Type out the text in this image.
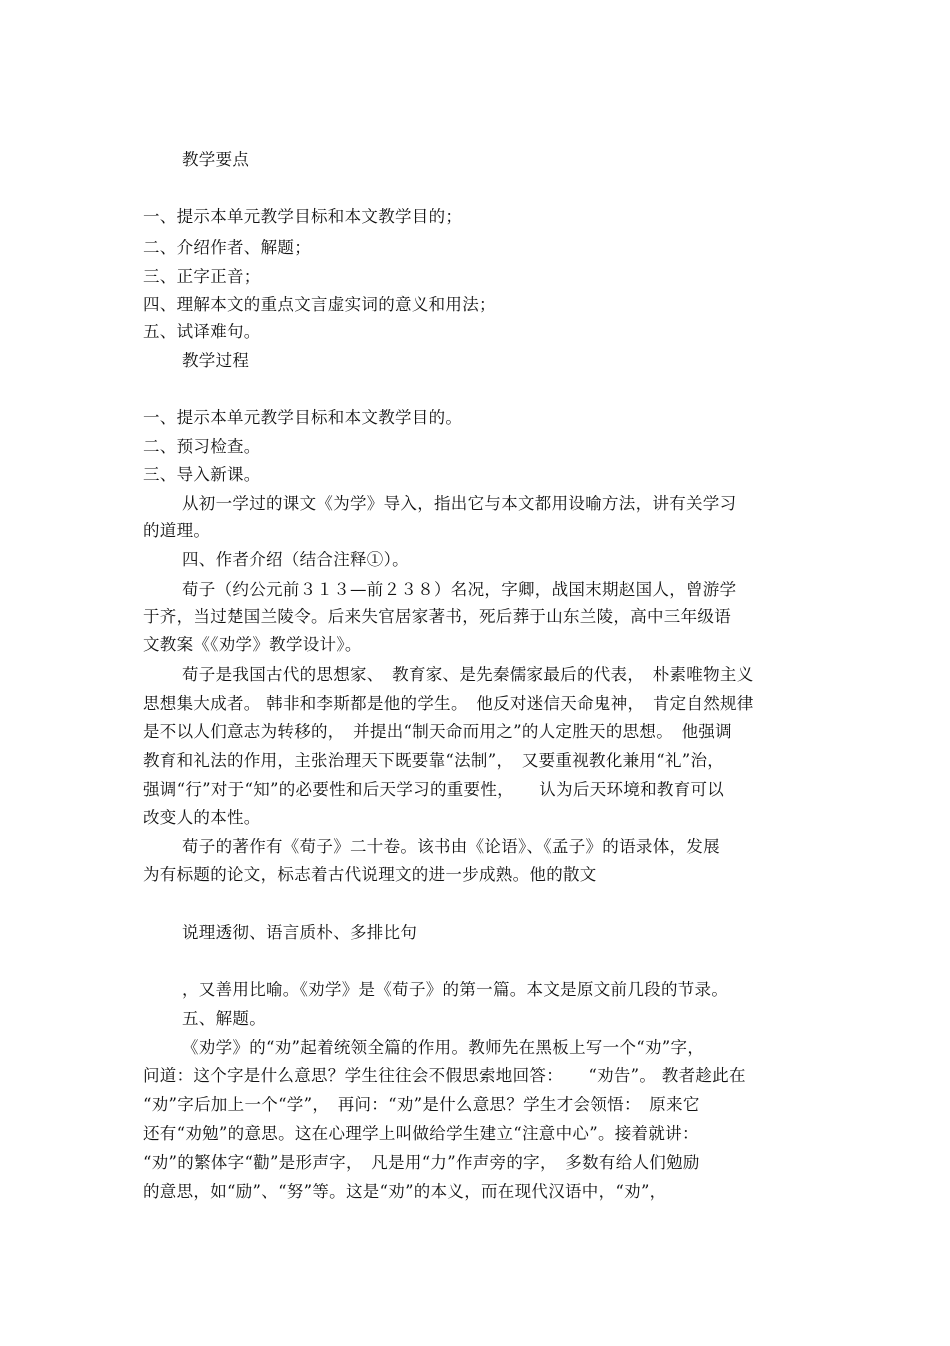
教学要点
一、提示本单元教学目标和本文教学目的；
二、介绍作者、解题；
三、正字正音；
四、理解本文的重点文言虚实词的意义和用法；
五、试译难句。
教学过程
一、提示本单元教学目标和本文教学目的。
二、预习检查。
三、导入新课。
从初一学过的课文《为学》导入，指出它与本文都用设喻方法，讲有关学习
的道理。
四、作者介绍（结合注释①）。
荀子（约公元前３１３—前２３８）名况，字卿，战国末期赵国人，曾游学
于齐，当过楚国兰陵令。后来失官居家著书，死后葬于山东兰陵，高中三年级语
文教案《《劝学》教学设计》。
荀子是我国古代的思想家、　教育家、是先秦儒家最后的代表，　朴素唯物主义
思想集大成者。 韩非和李斯都是他的学生。　他反对迷信天命鬼神，　肯定自然规律
是不以人们意志为转移的，　并提出“制天命而用之”的人定胜天的思想。　他强调
教育和礼法的作用，主张治理天下既要靠“法制”，　又要重视教化兼用“礼”治，
强调“行”对于“知”的必要性和后天学习的重要性，　　认为后天环境和教育可以
改变人的本性。
荀子的著作有《荀子》二十卷。该书由《论语》、《孟子》的语录体，发展
为有标题的论文，标志着古代说理文的进一步成熟。他的散文
说理透彻、语言质朴、多排比句
，又善用比喻。《劝学》是《荀子》的第一篇。本文是原文前几段的节录。
五、解题。
《劝学》的“劝”起着统领全篇的作用。教师先在黑板上写一个“劝”字，
问道：这个字是什么意思？学生往往会不假思索地回答：　　“劝告”。 教者趁此在
“劝”字后加上一个“学”，　再问：“劝”是什么意思？学生才会领悟：　原来它
还有“劝勉”的意思。这在心理学上叫做给学生建立“注意中心”。接着就讲：
“劝”的繁体字“勸”是形声字，　凡是用“力”作声旁的字，　多数有给人们勉励
的意思，如“励”、“努”等。这是“劝”的本义，而在现代汉语中，“劝”，
